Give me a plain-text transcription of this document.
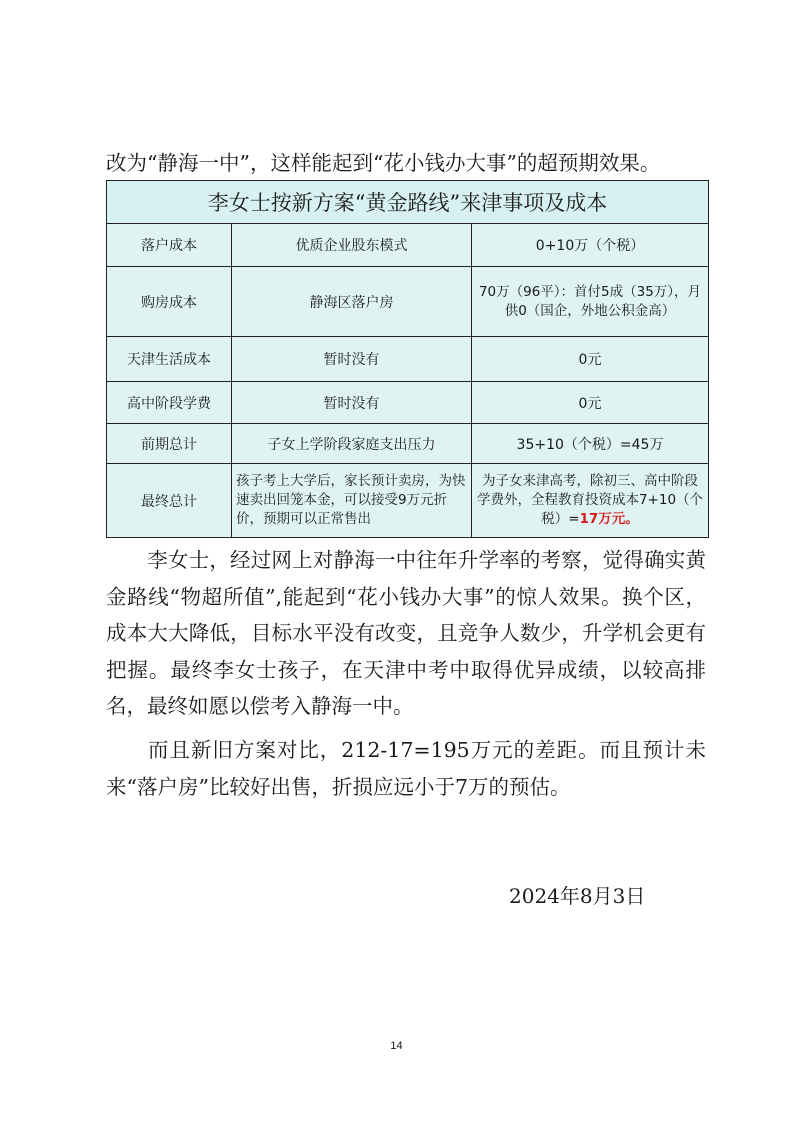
改为“静海一中”，这样能起到“花小钱办大事”的超预期效果。
李女士按新方案“黄金路线”来津事项及成本		
落户成本	优质企业股东模式	0+10万（个税）
购房成本	静海区落户房	70万（96平）：首付5成（35万），月供0（国企，外地公积金高）
天津生活成本	暂时没有	0元
高中阶段学费	暂时没有	0元
前期总计	子女上学阶段家庭支出压力	35+10（个税）=45万
最终总计	孩子考上大学后，家长预计卖房，为快速卖出回笼本金，可以接受9万元折价，预期可以正常售出	为子女来津高考，除初三、高中阶段学费外，全程教育投资成本7+10（个税）=17万元。
李女士，经过网上对静海一中往年升学率的考察，觉得确实黄金路线“物超所值”,能起到“花小钱办大事”的惊人效果。换个区，成本大大降低，目标水平没有改变，且竞争人数少，升学机会更有把握。最终李女士孩子，在天津中考中取得优异成绩，以较高排名，最终如愿以偿考入静海一中。
而且新旧方案对比，212-17=195万元的差距。而且预计未来“落户房”比较好出售，折损应远小于7万的预估。
2024年8月3日
14
